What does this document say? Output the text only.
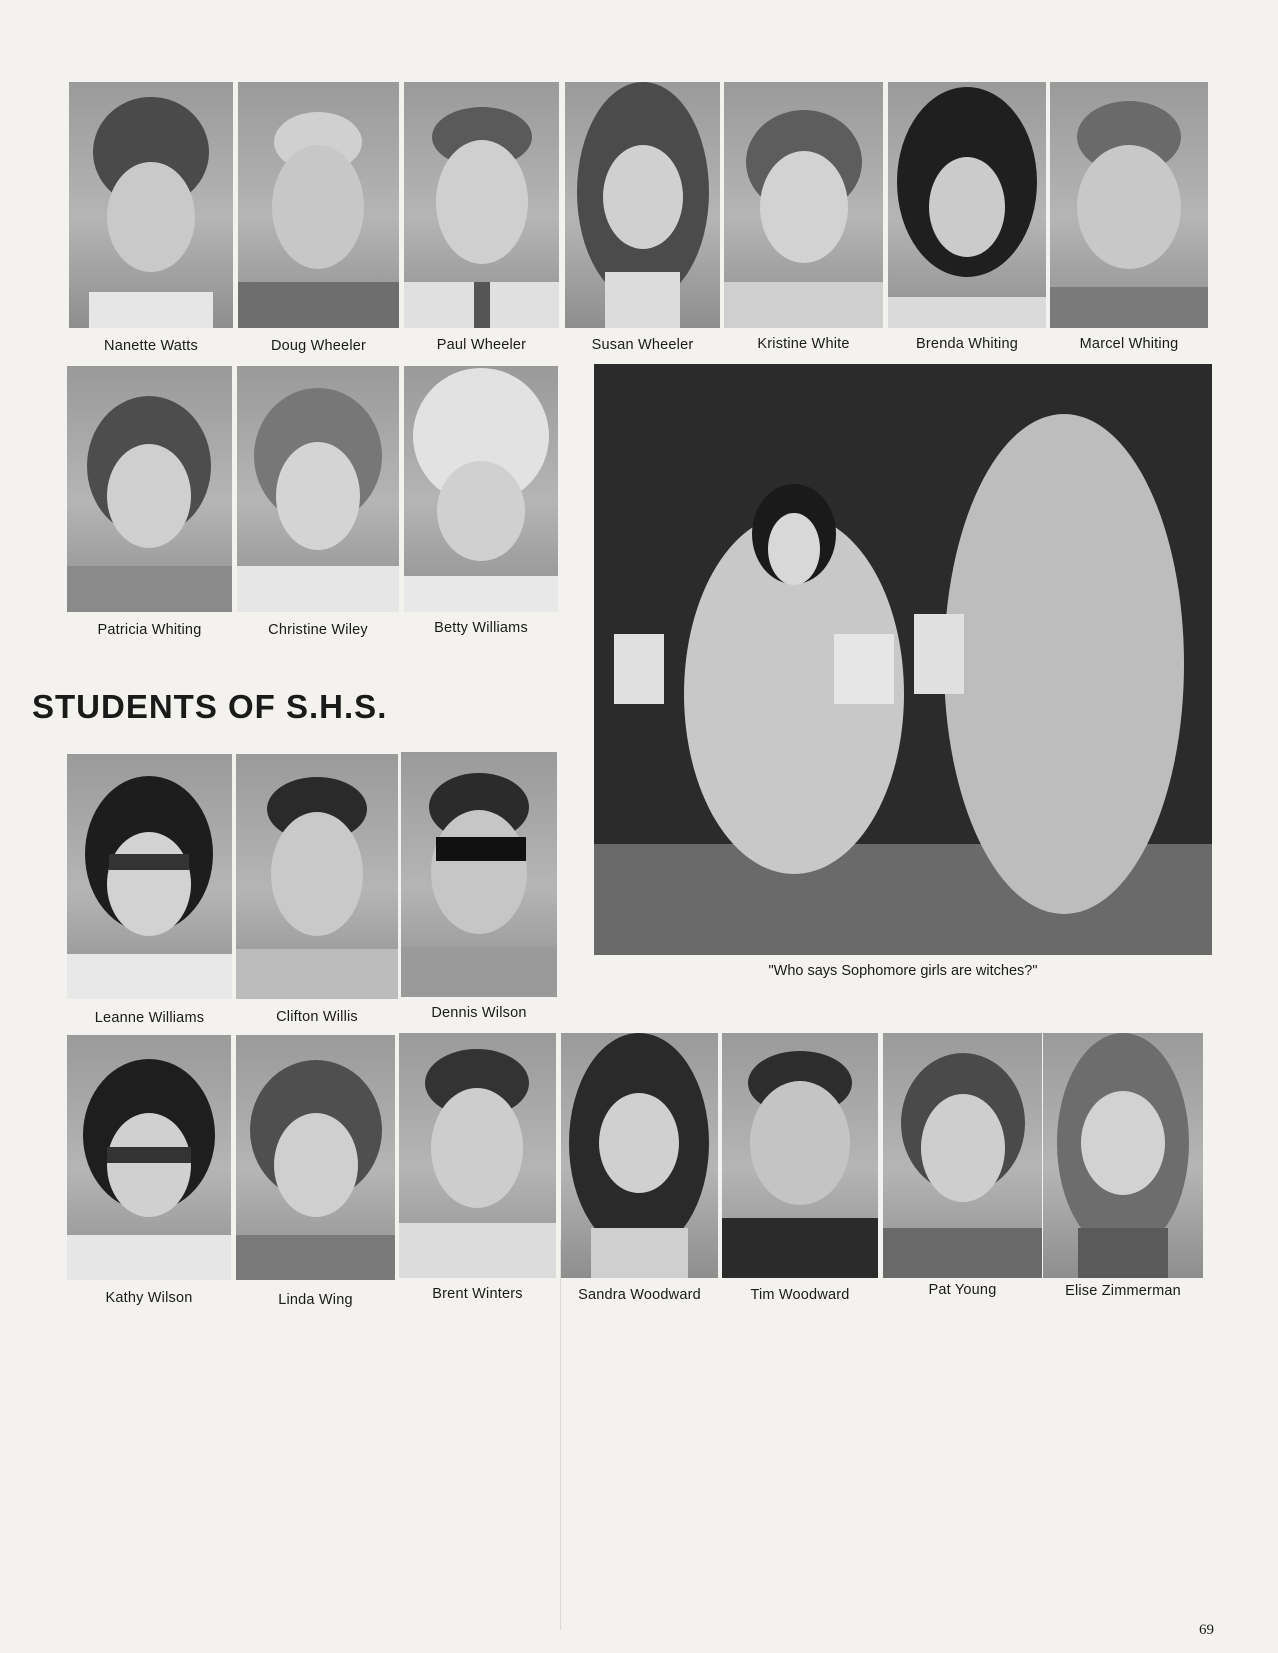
Nanette Watts	Doug Wheeler	Paul Wheeler	Susan Wheeler	Kristine White	Brenda Whiting	Marcel Whiting
Patricia Whiting	Christine Wiley	Betty Williams
"Who says Sophomore girls are witches?"
STUDENTS OF S.H.S.
Leanne Williams	Clifton Willis	Dennis Wilson
Kathy Wilson	Linda Wing	Brent Winters	Sandra Woodward	Tim Woodward	Pat Young	Elise Zimmerman
69
